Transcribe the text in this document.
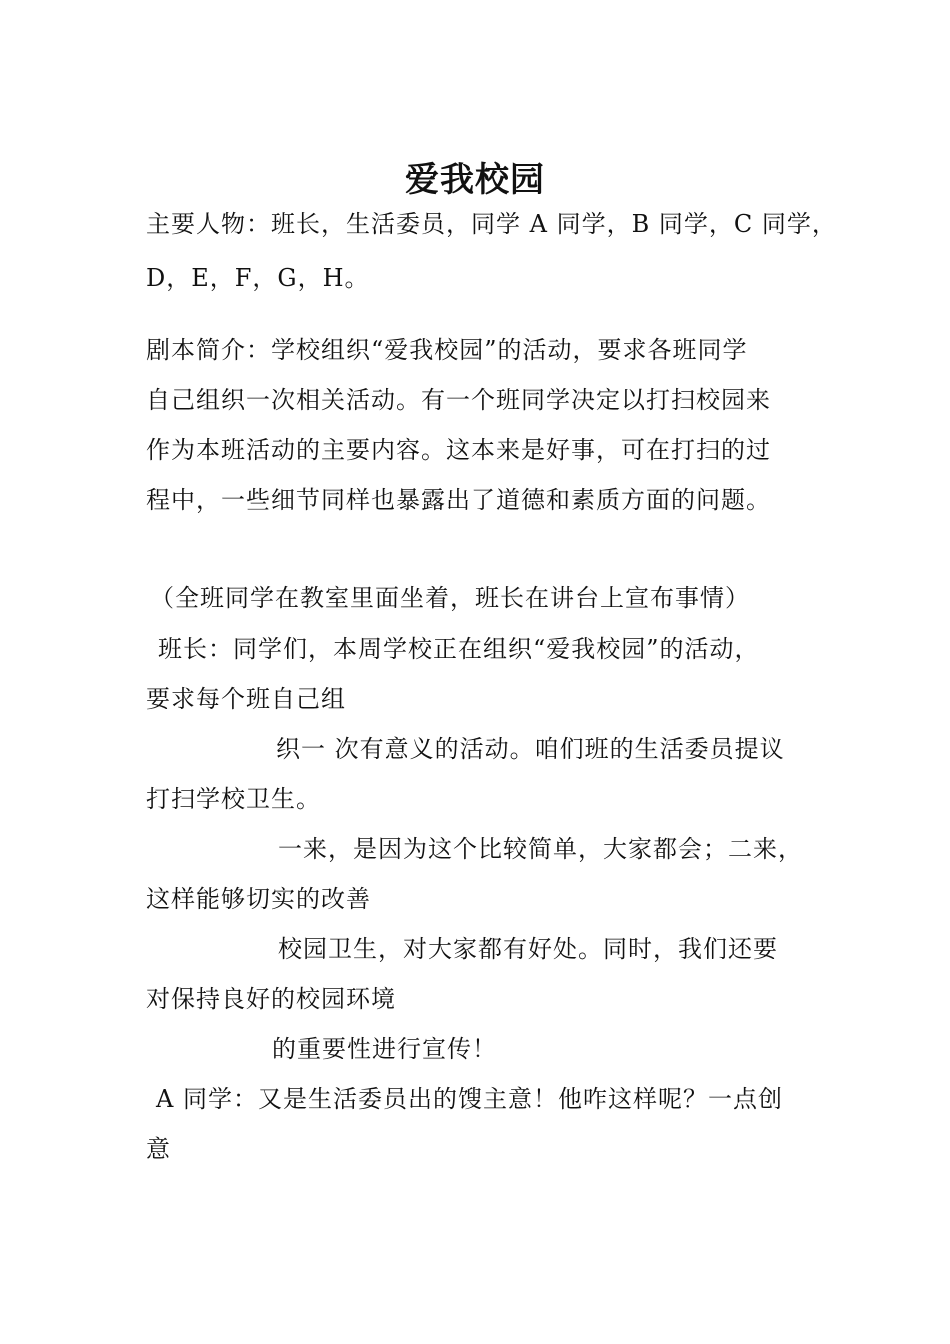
爱我校园
主要人物：班长，生活委员，同学 A 同学，B 同学，C 同学，
D，E，F，G，H。
剧本简介：学校组织“爱我校园”的活动，要求各班同学
自己组织一次相关活动。有一个班同学决定以打扫校园来
作为本班活动的主要内容。这本来是好事，可在打扫的过
程中，一些细节同样也暴露出了道德和素质方面的问题。
（全班同学在教室里面坐着，班长在讲台上宣布事情）
班长：同学们，本周学校正在组织“爱我校园”的活动，
要求每个班自己组
织一 次有意义的活动。咱们班的生活委员提议
打扫学校卫生。
一来，是因为这个比较简单，大家都会；二来，
这样能够切实的改善
校园卫生，对大家都有好处。同时，我们还要
对保持良好的校园环境
的重要性进行宣传！
A 同学：又是生活委员出的馊主意！他咋这样呢？一点创
意
